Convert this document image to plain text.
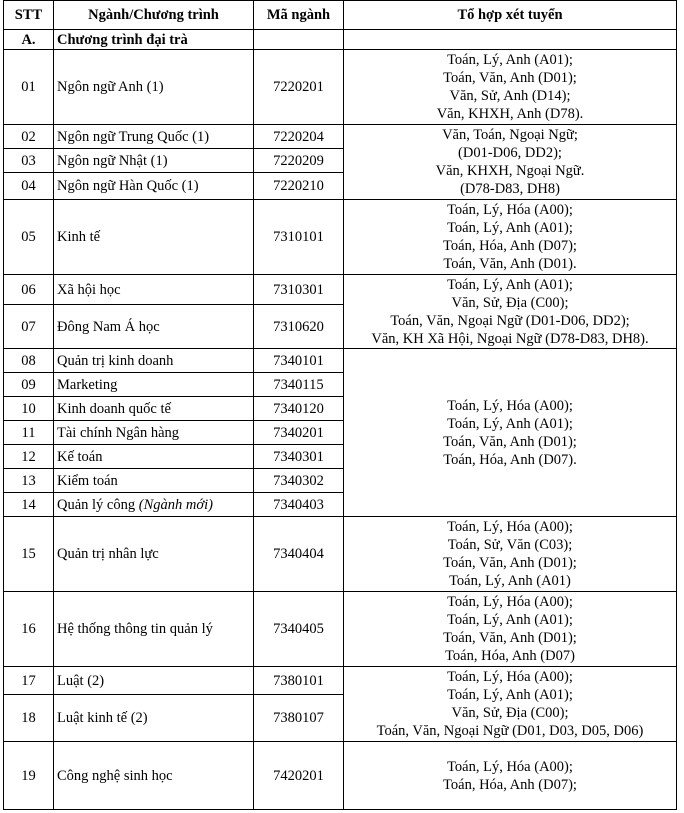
STT	Ngành/Chương trình	Mã ngành	Tổ hợp xét tuyển
A.	Chương trình đại trà		
01	Ngôn ngữ Anh (1)	7220201	Toán, Lý, Anh (A01);
Toán, Văn, Anh (D01);
Văn, Sử, Anh (D14);
Văn, KHXH, Anh (D78).

02	Ngôn ngữ Trung Quốc (1)	7220204	Văn, Toán, Ngoại Ngữ;
(D01-D06, DD2);
Văn, KHXH, Ngoại Ngữ.
(D78-D83, DH8)

03	Ngôn ngữ Nhật (1)	7220209	
04	Ngôn ngữ Hàn Quốc (1)	7220210	
05	Kinh tế	7310101	Toán, Lý, Hóa (A00);
Toán, Lý, Anh (A01);
Toán, Hóa, Anh (D07);
Toán, Văn, Anh (D01).

06	Xã hội học	7310301	Toán, Lý, Anh (A01);
Văn, Sử, Địa (C00);
Toán, Văn, Ngoại Ngữ (D01-D06, DD2);
Văn, KH Xã Hội, Ngoại Ngữ (D78-D83, DH8).

07	Đông Nam Á học	7310620	
08	Quản trị kinh doanh	7340101	Toán, Lý, Hóa (A00);
Toán, Lý, Anh (A01);
Toán, Văn, Anh (D01);
Toán, Hóa, Anh (D07).

09	Marketing	7340115	
10	Kinh doanh quốc tế	7340120	
11	Tài chính Ngân hàng	7340201	
12	Kế toán	7340301	
13	Kiểm toán	7340302	
14	Quản lý công (Ngành mới)	7340403	
15	Quản trị nhân lực	7340404	Toán, Lý, Hóa (A00);
Toán, Sử, Văn (C03);
Toán, Văn, Anh (D01);
Toán, Lý, Anh (A01)

16	Hệ thống thông tin quản lý	7340405	Toán, Lý, Hóa (A00);
Toán, Lý, Anh (A01);
Toán, Văn, Anh (D01);
Toán, Hóa, Anh (D07)

17	Luật (2)	7380101	Toán, Lý, Hóa (A00);
Toán, Lý, Anh (A01);
Văn, Sử, Địa (C00);
Toán, Văn, Ngoại Ngữ (D01, D03, D05, D06)

18	Luật kinh tế (2)	7380107	
19	Công nghệ sinh học	7420201	Toán, Lý, Hóa (A00);
Toán, Hóa, Anh (D07);
